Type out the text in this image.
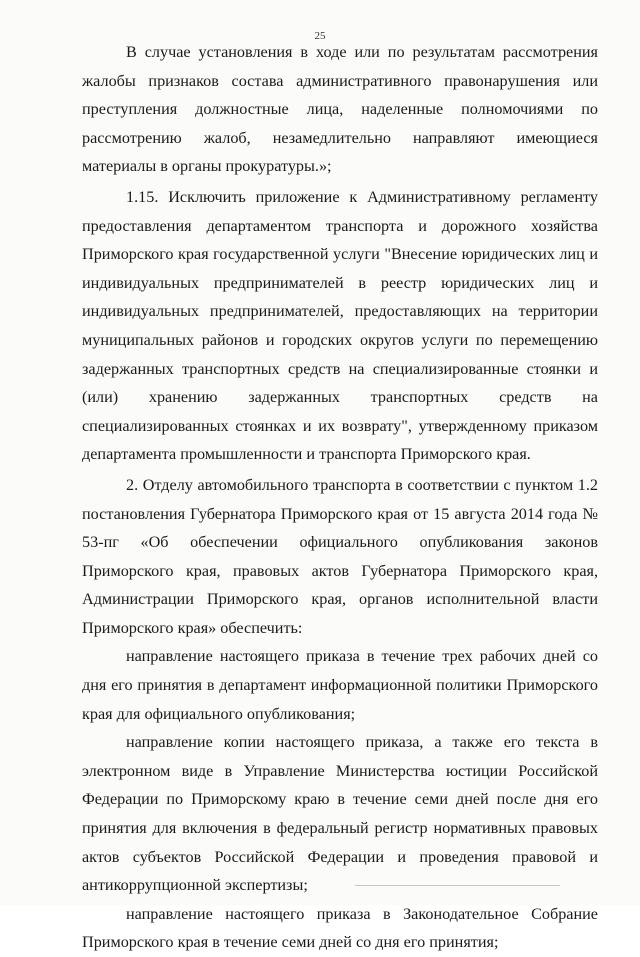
25

В случае установления в ходе или по результатам рассмотрения жалобы признаков состава административного правонарушения или преступления должностные лица, наделенные полномочиями по рассмотрению жалоб, незамедлительно направляют имеющиеся материалы в органы прокуратуры.»;

1.15. Исключить приложение к Административному регламенту предоставления департаментом транспорта и дорожного хозяйства Приморского края государственной услуги "Внесение юридических лиц и индивидуальных предпринимателей в реестр юридических лиц и индивидуальных предпринимателей, предоставляющих на территории муниципальных районов и городских округов услуги по перемещению задержанных транспортных средств на специализированные стоянки и (или) хранению задержанных транспортных средств на специализированных стоянках и их возврату", утвержденному приказом департамента промышленности и транспорта Приморского края.

2. Отделу автомобильного транспорта в соответствии с пунктом 1.2 постановления Губернатора Приморского края от 15 августа 2014 года № 53-пг «Об обеспечении официального опубликования законов Приморского края, правовых актов Губернатора Приморского края, Администрации Приморского края, органов исполнительной власти Приморского края» обеспечить:

направление настоящего приказа в течение трех рабочих дней со дня его принятия в департамент информационной политики Приморского края для официального опубликования;

направление копии настоящего приказа, а также его текста в электронном виде в Управление Министерства юстиции Российской Федерации по Приморскому краю в течение семи дней после дня его принятия для включения в федеральный регистр нормативных правовых актов субъектов Российской Федерации и проведения правовой и антикоррупционной экспертизы;

направление настоящего приказа в Законодательное Собрание Приморского края в течение семи дней со дня его принятия;
